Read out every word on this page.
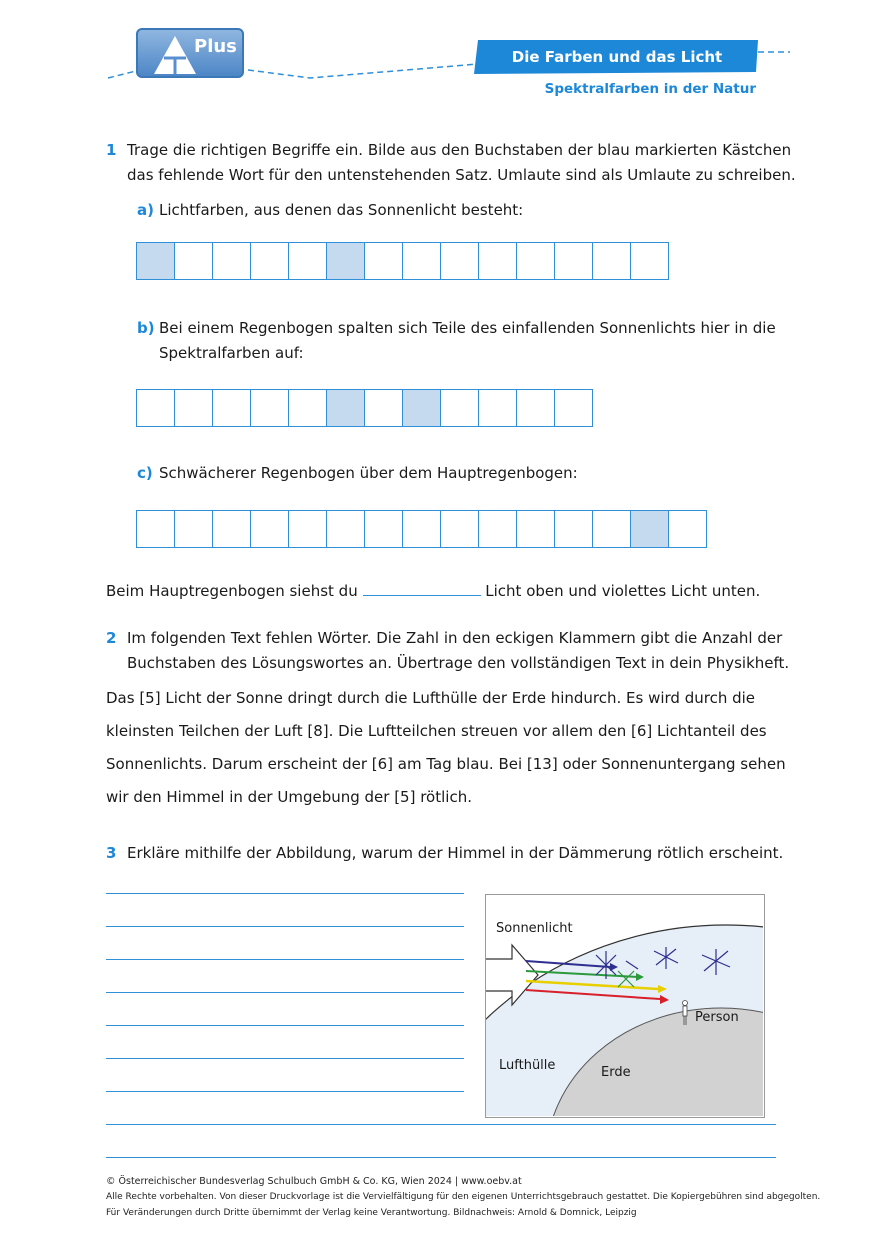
Plus	Die Farben und das Licht
Spektralfarben in der Natur
1 Trage die richtigen Begriffe ein. Bilde aus den Buchstaben der blau markierten Kästchen
das fehlende Wort für den untenstehenden Satz. Umlaute sind als Umlaute zu schreiben.
a) Lichtfarben, aus denen das Sonnenlicht besteht:
b) Bei einem Regenbogen spalten sich Teile des einfallenden Sonnenlichts hier in die
Spektralfarben auf:
c) Schwächerer Regenbogen über dem Hauptregenbogen:
Beim Hauptregenbogen siehst du	Licht oben und violettes Licht unten.
2 Im folgenden Text fehlen Wörter. Die Zahl in den eckigen Klammern gibt die Anzahl der
Buchstaben des Lösungswortes an. Übertrage den vollständigen Text in dein Physikheft.
Das [5] Licht der Sonne dringt durch die Lufthülle der Erde hindurch. Es wird durch die
kleinsten Teilchen der Luft [8]. Die Luftteilchen streuen vor allem den [6] Lichtanteil des
Sonnenlichts. Darum erscheint der [6] am Tag blau. Bei [13] oder Sonnenuntergang sehen
wir den Himmel in der Umgebung der [5] rötlich.
3 Erkläre mithilfe der Abbildung, warum der Himmel in der Dämmerung rötlich erscheint.
Sonnenlicht
Person
Lufthülle	Erde
© Österreichischer Bundesverlag Schulbuch GmbH & Co. KG, Wien 2024 | www.oebv.at
Alle Rechte vorbehalten. Von dieser Druckvorlage ist die Vervielfältigung für den eigenen Unterrichtsgebrauch gestattet. Die Kopiergebühren sind abgegolten.
Für Veränderungen durch Dritte übernimmt der Verlag keine Verantwortung. Bildnachweis: Arnold & Domnick, Leipzig
